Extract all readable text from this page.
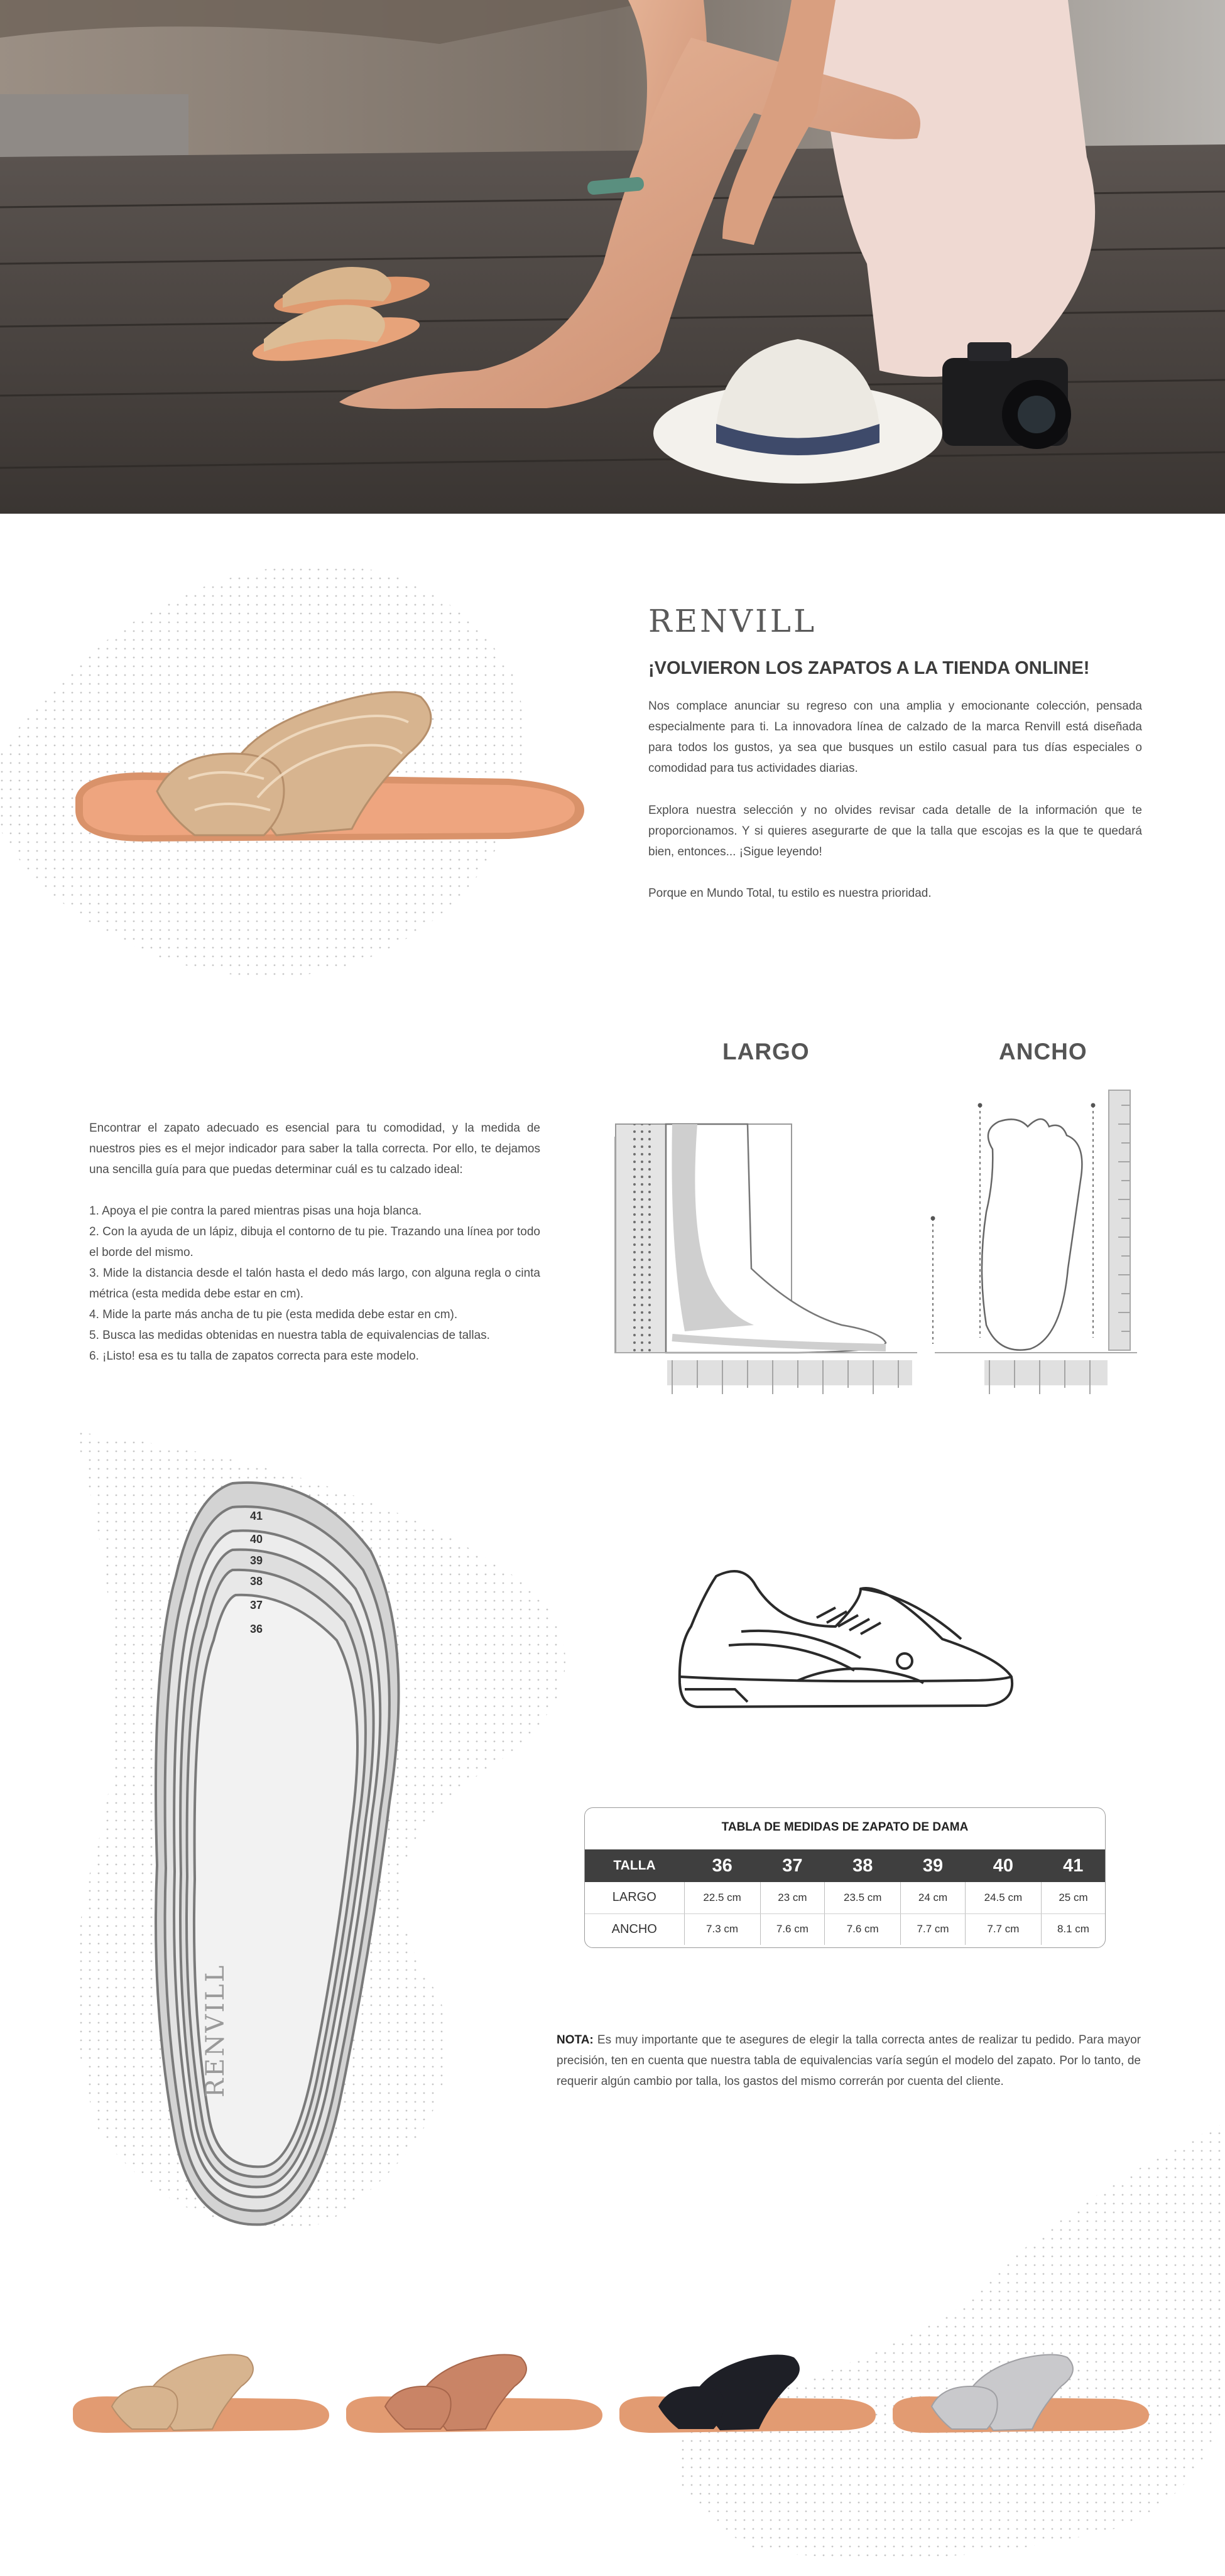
RENVILL
¡VOLVIERON LOS ZAPATOS A LA TIENDA ONLINE!

Nos complace anunciar su regreso con una amplia y emocionante colección, pensada especialmente para ti. La innovadora línea de calzado de la marca Renvill está diseñada para todos los gustos, ya sea que busques un estilo casual para tus días especiales o comodidad para tus actividades diarias.

Explora nuestra selección y no olvides revisar cada detalle de la información que te proporcionamos. Y si quieres asegurarte de que la talla que escojas es la que te quedará bien, entonces... ¡Sigue leyendo!

Porque en Mundo Total, tu estilo es nuestra prioridad.

LARGO	ANCHO

Encontrar el zapato adecuado es esencial para tu comodidad, y la medida de nuestros pies es el mejor indicador para saber la talla correcta. Por ello, te dejamos una sencilla guía para que puedas determinar cuál es tu calzado ideal:

1. Apoya el pie contra la pared mientras pisas una hoja blanca.

2. Con la ayuda de un lápiz, dibuja el contorno de tu pie. Trazando una línea por todo el borde del mismo.

3. Mide la distancia desde el talón hasta el dedo más largo, con alguna regla o cinta métrica (esta medida debe estar en cm).

4. Mide la parte más ancha de tu pie (esta medida debe estar en cm).

5. Busca las medidas obtenidas en nuestra tabla de equivalencias de tallas.

6. ¡Listo! esa es tu talla de zapatos correcta para este modelo.

41
40
39
38
37
36
RENVILL
TABLA DE MEDIDAS DE ZAPATO DE DAMA
TALLA	36	37	38	39	40	41
LARGO	22.5 cm	23 cm	23.5 cm	24 cm	24.5 cm	25 cm
ANCHO	7.3 cm	7.6 cm	7.6 cm	7.7 cm	7.7 cm	8.1 cm

NOTA: Es muy importante que te asegures de elegir la talla correcta antes de realizar tu pedido. Para mayor precisión, ten en cuenta que nuestra tabla de equivalencias varía según el modelo del zapato. Por lo tanto, de requerir algún cambio por talla, los gastos del mismo correrán por cuenta del cliente.
